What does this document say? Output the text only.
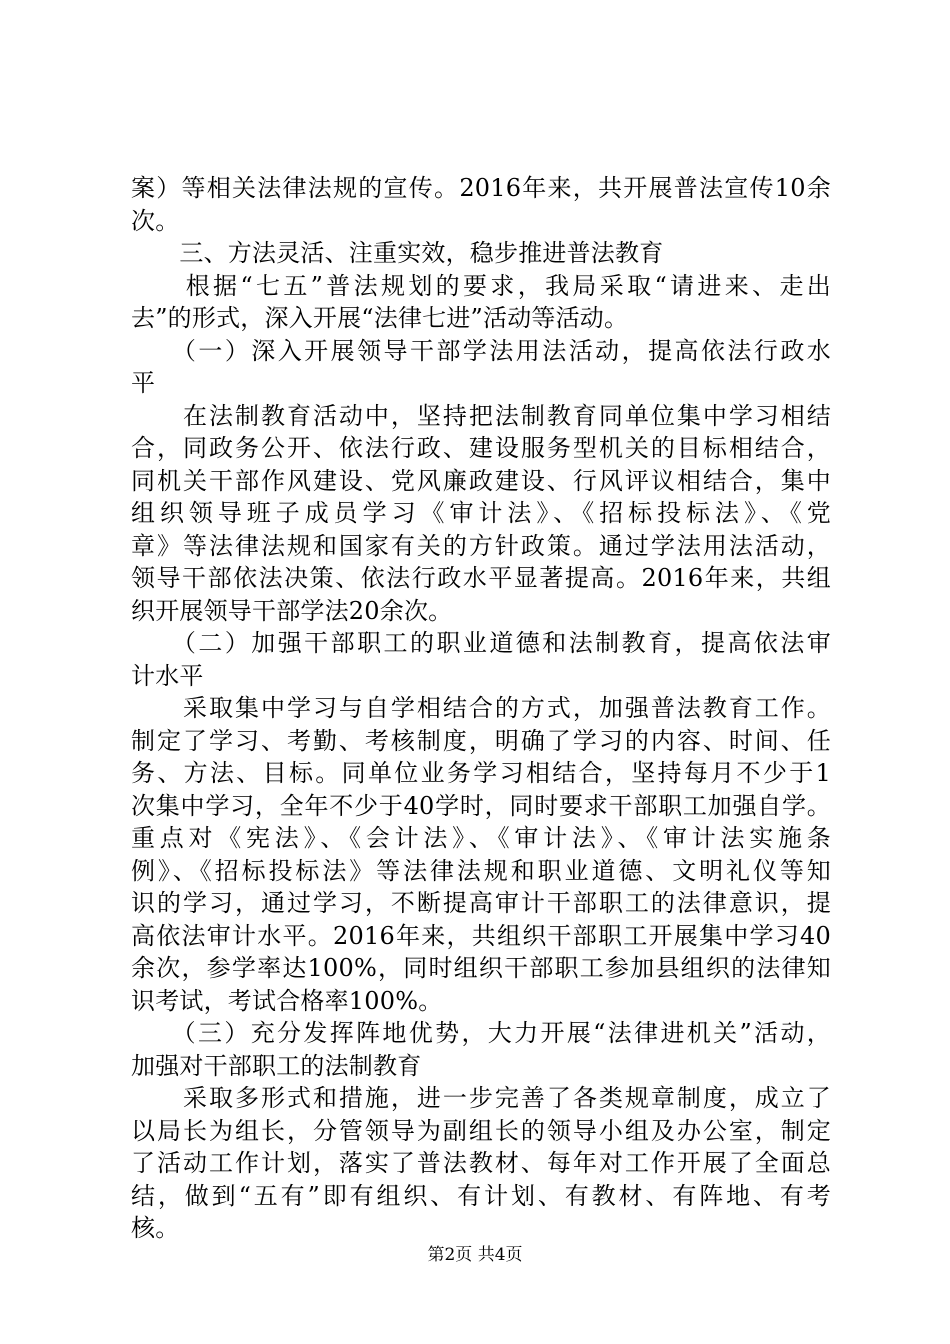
案）等相关法律法规的宣传。2016年来，共开展普法宣传10余
次。
　　三、方法灵活、注重实效，稳步推进普法教育
　　根据“七五”普法规划的要求，我局采取“请进来、走出
去”的形式，深入开展“法律七进”活动等活动。
　　（一）深入开展领导干部学法用法活动，提高依法行政水
平
　　在法制教育活动中，坚持把法制教育同单位集中学习相结
合，同政务公开、依法行政、建设服务型机关的目标相结合，
同机关干部作风建设、党风廉政建设、行风评议相结合，集中
组织领导班子成员学习《审计法》、《招标投标法》、《党
章》等法律法规和国家有关的方针政策。通过学法用法活动，
领导干部依法决策、依法行政水平显著提高。2016年来，共组
织开展领导干部学法20余次。
　　（二）加强干部职工的职业道德和法制教育，提高依法审
计水平
　　采取集中学习与自学相结合的方式，加强普法教育工作。
制定了学习、考勤、考核制度，明确了学习的内容、时间、任
务、方法、目标。同单位业务学习相结合，坚持每月不少于1
次集中学习，全年不少于40学时，同时要求干部职工加强自学。
重点对《宪法》、《会计法》、《审计法》、《审计法实施条
例》、《招标投标法》等法律法规和职业道德、文明礼仪等知
识的学习，通过学习，不断提高审计干部职工的法律意识，提
高依法审计水平。2016年来，共组织干部职工开展集中学习40
余次，参学率达100%，同时组织干部职工参加县组织的法律知
识考试，考试合格率100%。
　　（三）充分发挥阵地优势，大力开展“法律进机关”活动，
加强对干部职工的法制教育
　　采取多形式和措施，进一步完善了各类规章制度，成立了
以局长为组长，分管领导为副组长的领导小组及办公室，制定
了活动工作计划，落实了普法教材、每年对工作开展了全面总
结，做到“五有”即有组织、有计划、有教材、有阵地、有考
核。
第2页 共4页
